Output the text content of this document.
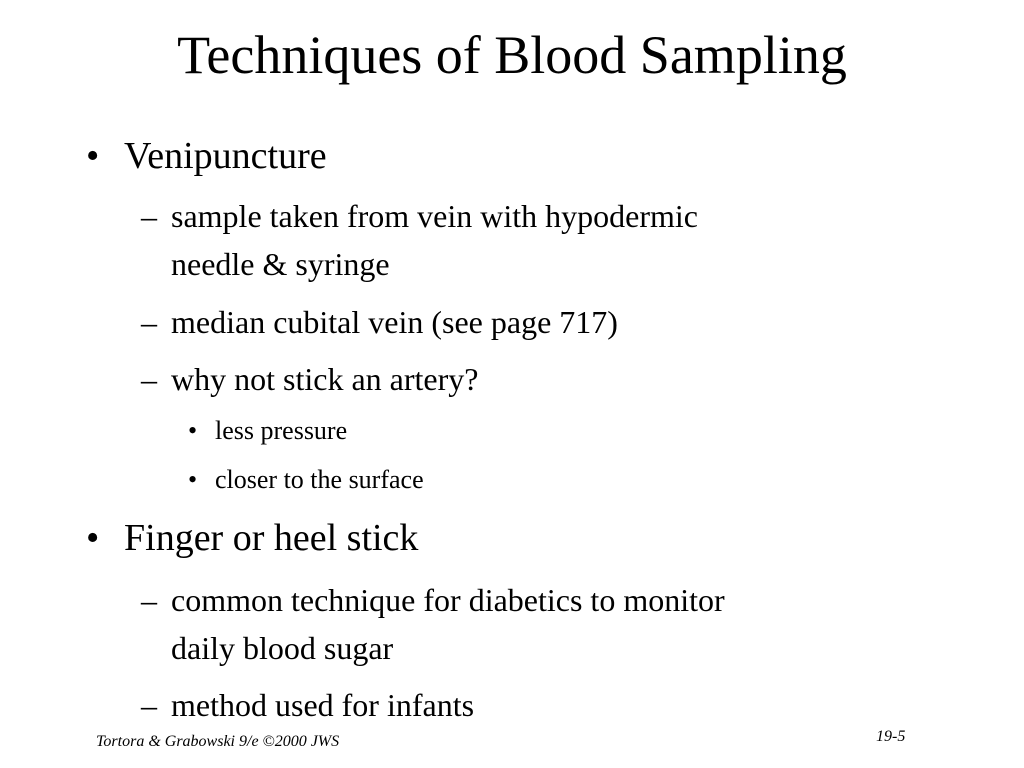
Techniques of Blood Sampling
• Venipuncture
– sample taken from vein with hypodermic
needle & syringe
– median cubital vein (see page 717)
– why not stick an artery?
• less pressure
• closer to the surface
• Finger or heel stick
– common technique for diabetics to monitor
daily blood sugar
– method used for infants
Tortora & Grabowski 9/e ©2000 JWS	19-5
